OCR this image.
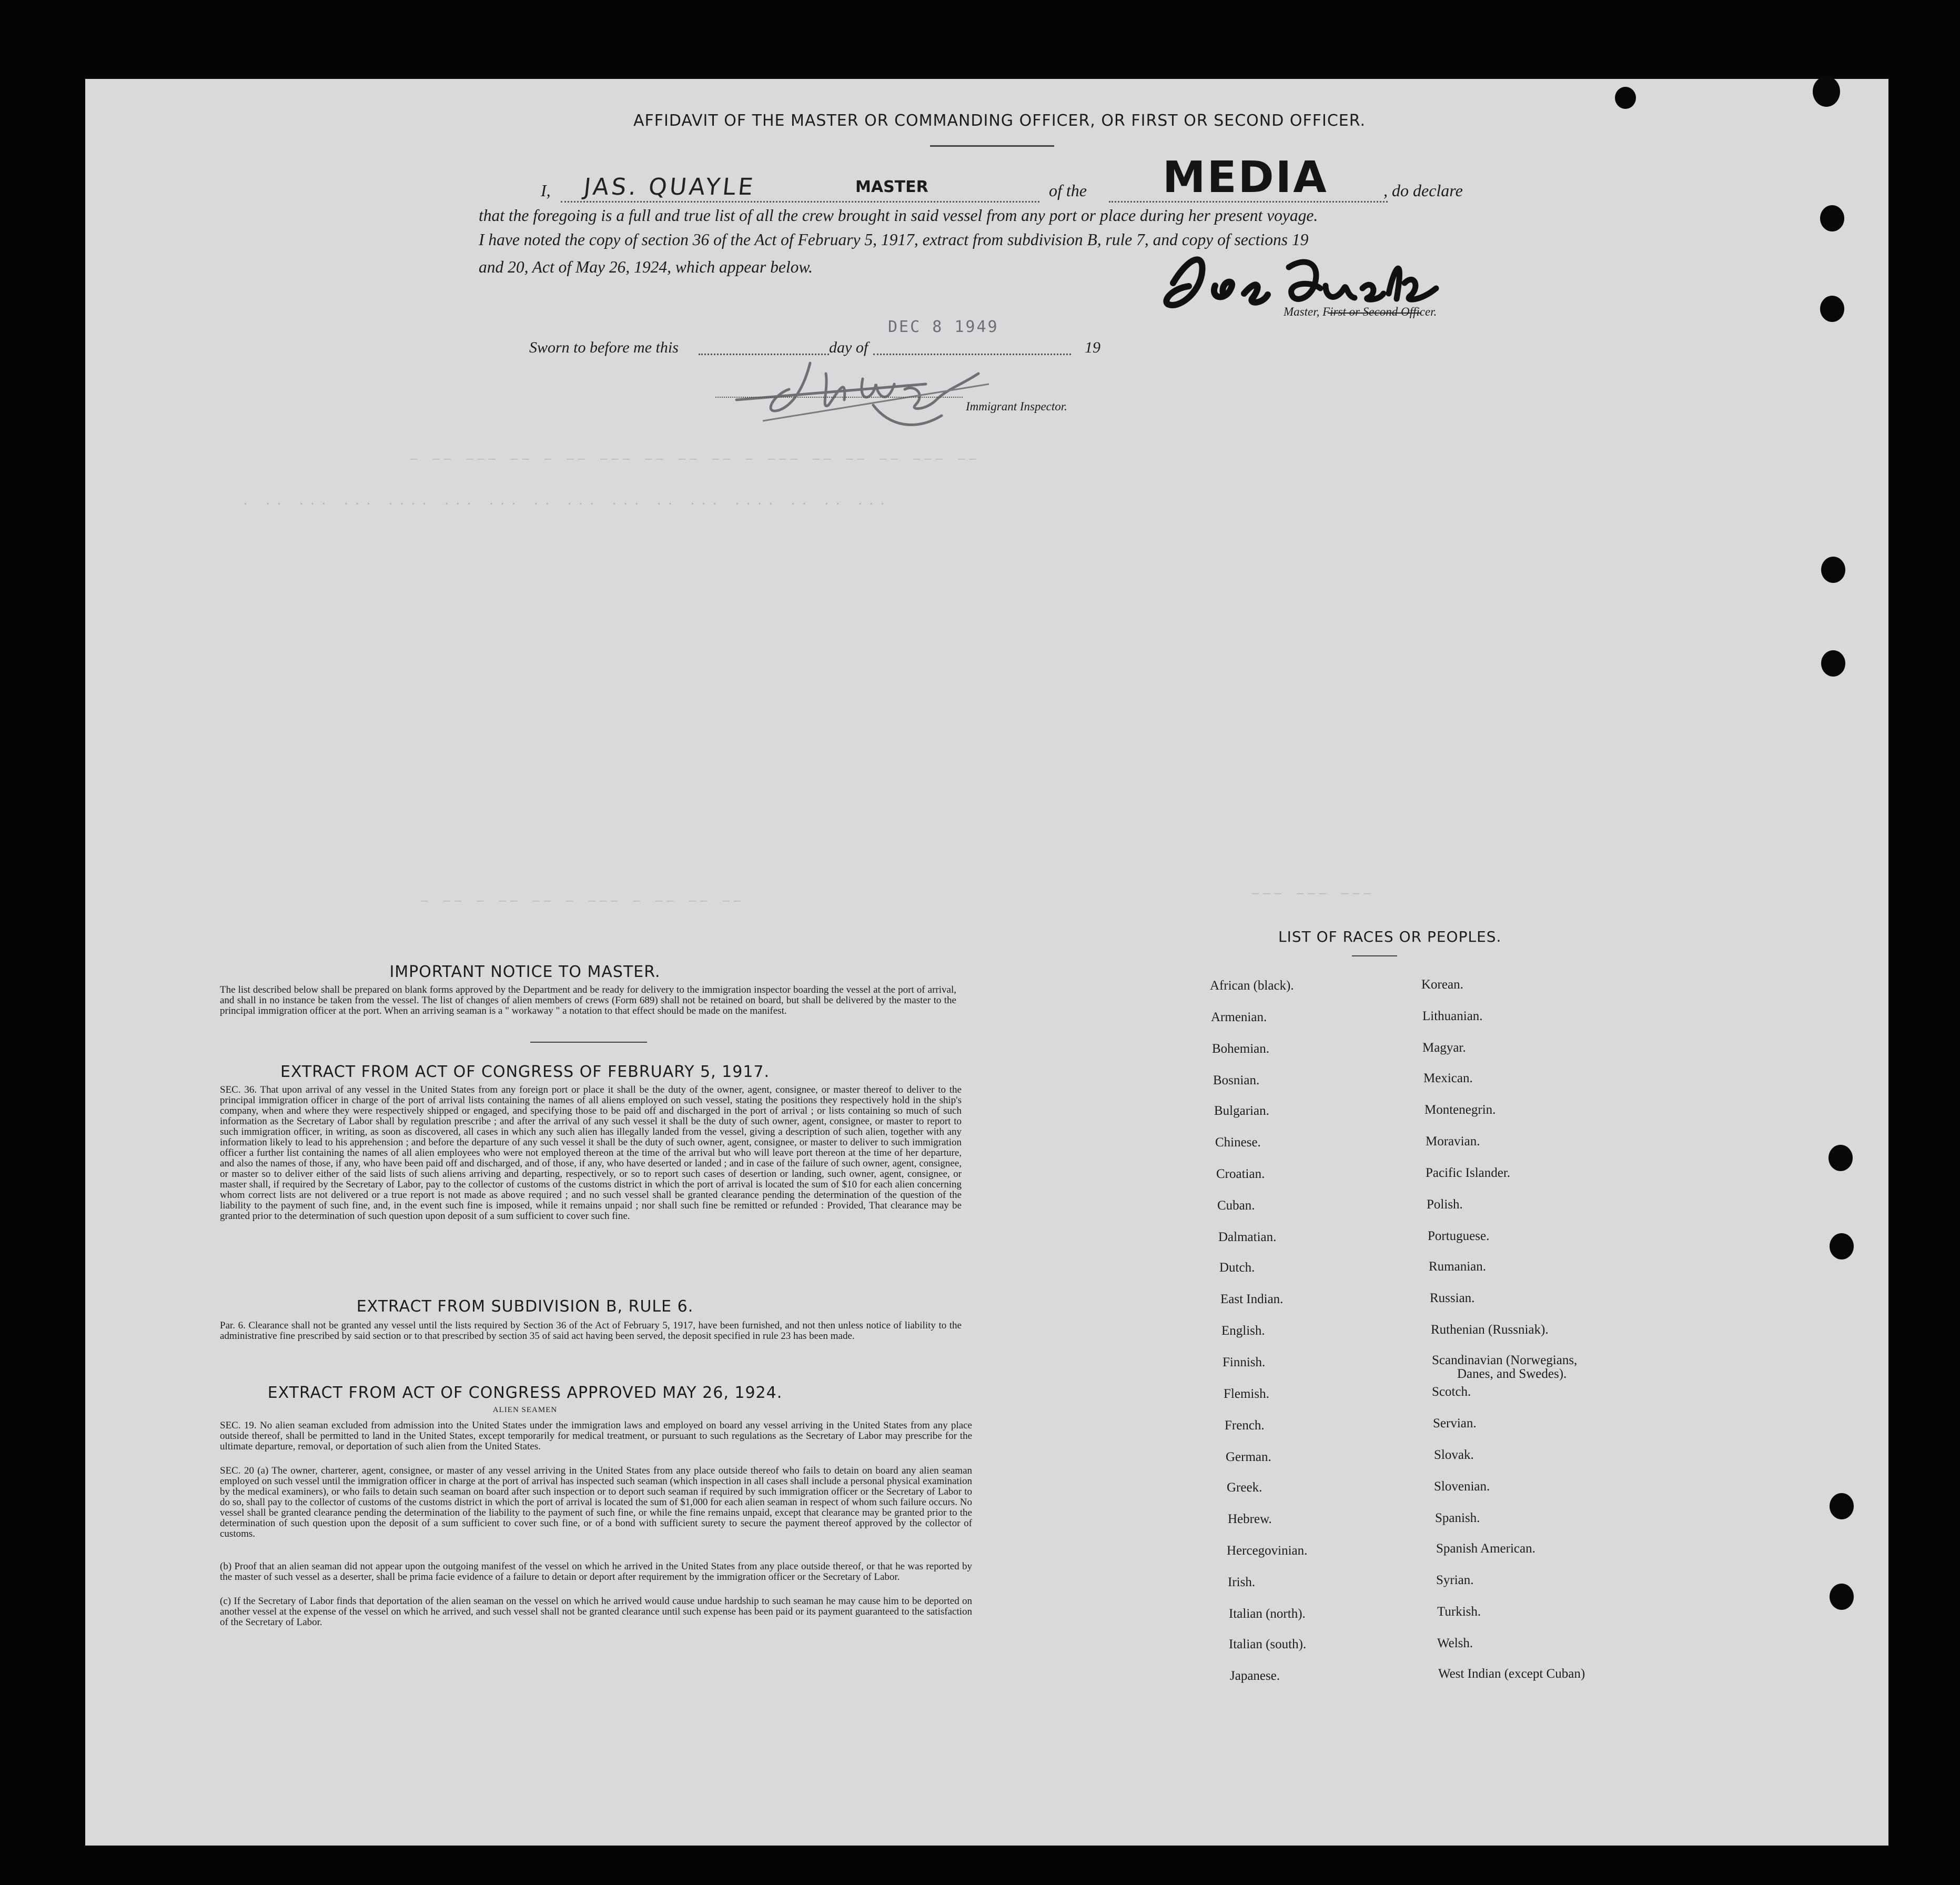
AFFIDAVIT OF THE MASTER OR COMMANDING OFFICER, OR FIRST OR SECOND OFFICER.
I, JAS. QUAYLE	MASTER	of the MEDIA	, do declare
that the foregoing is a full and true list of all the crew brought in said vessel from any port or place during her present voyage.
I have noted the copy of section 36 of the Act of February 5, 1917, extract from subdivision B, rule 7, and copy of sections 19
and 20, Act of May 26, 1924, which appear below.
Master, First or Second Officer.
Sworn to before me this	day of
DEC 8 1949
19
Immigrant Inspector.
— —— ——— —— — —— ——— —— —— —— — ——— —— —— —— ——— ——
. .. ... ... .... ... ... .. ... ... .. ... .... .. .. ...
— —— — —— —— — ——— — —— —— ——
——— ——— ———
IMPORTANT NOTICE TO MASTER.
The list described below shall be prepared on blank forms approved by the Department and be ready for delivery to the immigration inspector boarding the vessel at the port of arrival, and shall in no instance be taken from the vessel. The list of changes of alien members of crews (Form 689) shall not be retained on board, but shall be delivered by the master to the principal immigration officer at the port. When an arriving seaman is a " workaway " a notation to that effect should be made on the manifest.
EXTRACT FROM ACT OF CONGRESS OF FEBRUARY 5, 1917.
SEC. 36. That upon arrival of any vessel in the United States from any foreign port or place it shall be the duty of the owner, agent, consignee, or master thereof to deliver to the principal immigration officer in charge of the port of arrival lists containing the names of all aliens employed on such vessel, stating the positions they respectively hold in the ship's company, when and where they were respectively shipped or engaged, and specifying those to be paid off and discharged in the port of arrival ; or lists containing so much of such information as the Secretary of Labor shall by regulation prescribe ; and after the arrival of any such vessel it shall be the duty of such owner, agent, consignee, or master to report to such immigration officer, in writing, as soon as discovered, all cases in which any such alien has illegally landed from the vessel, giving a description of such alien, together with any information likely to lead to his apprehension ; and before the departure of any such vessel it shall be the duty of such owner, agent, consignee, or master to deliver to such immigration officer a further list containing the names of all alien employees who were not employed thereon at the time of the arrival but who will leave port thereon at the time of her departure, and also the names of those, if any, who have been paid off and discharged, and of those, if any, who have deserted or landed ; and in case of the failure of such owner, agent, consignee, or master so to deliver either of the said lists of such aliens arriving and departing, respectively, or so to report such cases of desertion or landing, such owner, agent, consignee, or master shall, if required by the Secretary of Labor, pay to the collector of customs of the customs district in which the port of arrival is located the sum of $10 for each alien concerning whom correct lists are not delivered or a true report is not made as above required ; and no such vessel shall be granted clearance pending the determination of the question of the liability to the payment of such fine, and, in the event such fine is imposed, while it remains unpaid ; nor shall such fine be remitted or refunded : Provided, That clearance may be granted prior to the determination of such question upon deposit of a sum sufficient to cover such fine.
EXTRACT FROM SUBDIVISION B, RULE 6.
Par. 6. Clearance shall not be granted any vessel until the lists required by Section 36 of the Act of February 5, 1917, have been furnished, and not then unless notice of liability to the administrative fine prescribed by said section or to that prescribed by section 35 of said act having been served, the deposit specified in rule 23 has been made.
EXTRACT FROM ACT OF CONGRESS APPROVED MAY 26, 1924.
ALIEN SEAMEN
SEC. 19. No alien seaman excluded from admission into the United States under the immigration laws and employed on board any vessel arriving in the United States from any place outside thereof, shall be permitted to land in the United States, except temporarily for medical treatment, or pursuant to such regulations as the Secretary of Labor may prescribe for the ultimate departure, removal, or deportation of such alien from the United States.
SEC. 20 (a) The owner, charterer, agent, consignee, or master of any vessel arriving in the United States from any place outside thereof who fails to detain on board any alien seaman employed on such vessel until the immigration officer in charge at the port of arrival has inspected such seaman (which inspection in all cases shall include a personal physical examination by the medical examiners), or who fails to detain such seaman on board after such inspection or to deport such seaman if required by such immigration officer or the Secretary of Labor to do so, shall pay to the collector of customs of the customs district in which the port of arrival is located the sum of $1,000 for each alien seaman in respect of whom such failure occurs. No vessel shall be granted clearance pending the determination of the liability to the payment of such fine, or while the fine remains unpaid, except that clearance may be granted prior to the determination of such question upon the deposit of a sum sufficient to cover such fine, or of a bond with sufficient surety to secure the payment thereof approved by the collector of customs.
(b) Proof that an alien seaman did not appear upon the outgoing manifest of the vessel on which he arrived in the United States from any place outside thereof, or that he was reported by the master of such vessel as a deserter, shall be prima facie evidence of a failure to detain or deport after requirement by the immigration officer or the Secretary of Labor.
(c) If the Secretary of Labor finds that deportation of the alien seaman on the vessel on which he arrived would cause undue hardship to such seaman he may cause him to be deported on another vessel at the expense of the vessel on which he arrived, and such vessel shall not be granted clearance until such expense has been paid or its payment guaranteed to the satisfaction of the Secretary of Labor.
LIST OF RACES OR PEOPLES.
African (black).
Armenian.
Bohemian.
Bosnian.
Bulgarian.
Chinese.
Croatian.
Cuban.
Dalmatian.
Dutch.
East Indian.
English.
Finnish.
Flemish.
French.
German.
Greek.
Hebrew.
Hercegovinian.
Irish.
Italian (north).
Italian (south).
Japanese.
Korean.
Lithuanian.
Magyar.
Mexican.
Montenegrin.
Moravian.
Pacific Islander.
Polish.
Portuguese.
Rumanian.
Russian.
Ruthenian (Russniak).
Scandinavian (Norwegians,
Danes, and Swedes).
Scotch.
Servian.
Slovak.
Slovenian.
Spanish.
Spanish American.
Syrian.
Turkish.
Welsh.
West Indian (except Cuban)
